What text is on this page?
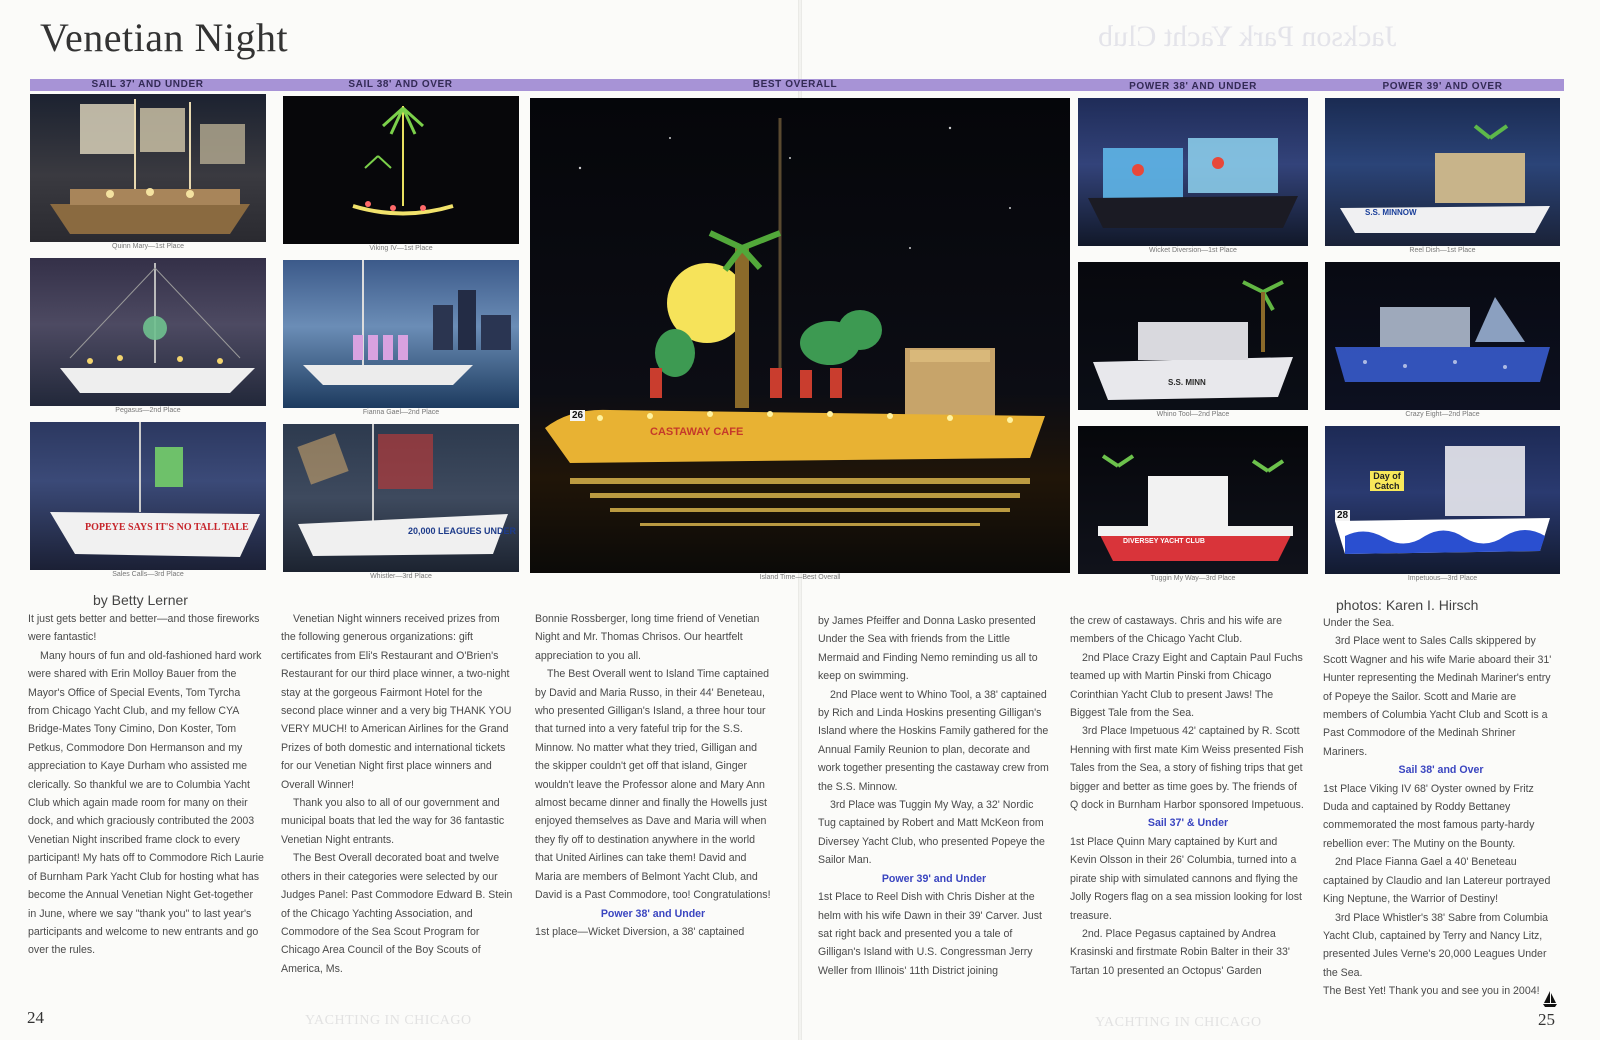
Venetian Night	Jackson Park Yacht Club
SAIL 37' AND UNDER	SAIL 38' AND OVER	BEST OVERALL	POWER 38' AND UNDER	POWER 39' AND OVER
Quinn Mary—1st Place
Pegasus—2nd Place
POPEYE SAYS IT'S NO TALL TALE
Sales Calls—3rd Place
Viking IV—1st Place
Fianna Gael—2nd Place
20,000 LEAGUES UNDER
Whistler—3rd Place
CASTAWAY CAFE
26
Island Time—Best Overall
Wicket Diversion—1st Place
S.S. MINN
Whino Tool—2nd Place
DIVERSEY YACHT CLUB
Tuggin My Way—3rd Place
S.S. MINNOW
Reel Dish—1st Place
Crazy Eight—2nd Place
Day of Catch
28
Impetuous—3rd Place
by Betty Lerner	photos: Karen I. Hirsch

It just gets better and better—and those fireworks were fantastic!

Many hours of fun and old-fashioned hard work were shared with Erin Molloy Bauer from the Mayor's Office of Special Events, Tom Tyrcha from Chicago Yacht Club, and my fellow CYA Bridge-Mates Tony Cimino, Don Koster, Tom Petkus, Commodore Don Hermanson and my appreciation to Kaye Durham who assisted me clerically. So thankful we are to Columbia Yacht Club which again made room for many on their dock, and which graciously contributed the 2003 Venetian Night inscribed frame clock to every participant! My hats off to Commodore Rich Laurie of Burnham Park Yacht Club for hosting what has become the Annual Venetian Night Get-together in June, where we say "thank you" to last year's participants and welcome to new entrants and go over the rules.

Venetian Night winners received prizes from the following generous organizations: gift certificates from Eli's Restaurant and O'Brien's Restaurant for our third place winner, a two-night stay at the gorgeous Fairmont Hotel for the second place winner and a very big THANK YOU VERY MUCH! to American Airlines for the Grand Prizes of both domestic and international tickets for our Venetian Night first place winners and Overall Winner!

Thank you also to all of our government and municipal boats that led the way for 36 fantastic Venetian Night entrants.

The Best Overall decorated boat and twelve others in their categories were selected by our Judges Panel: Past Commodore Edward B. Stein of the Chicago Yachting Association, and Commodore of the Sea Scout Program for Chicago Area Council of the Boy Scouts of America, Ms.

Bonnie Rossberger, long time friend of Venetian Night and Mr. Thomas Chrisos. Our heartfelt appreciation to you all.

The Best Overall went to Island Time captained by David and Maria Russo, in their 44' Beneteau, who presented Gilligan's Island, a three hour tour that turned into a very fateful trip for the S.S. Minnow. No matter what they tried, Gilligan and the skipper couldn't get off that island, Ginger wouldn't leave the Professor alone and Mary Ann almost became dinner and finally the Howells just enjoyed themselves as Dave and Maria will when they fly off to destination anywhere in the world that United Airlines can take them! David and Maria are members of Belmont Yacht Club, and David is a Past Commodore, too! Congratulations!

Power 38' and Under

1st place—Wicket Diversion, a 38' captained

by James Pfeiffer and Donna Lasko presented Under the Sea with friends from the Little Mermaid and Finding Nemo reminding us all to keep on swimming.

2nd Place went to Whino Tool, a 38' captained by Rich and Linda Hoskins presenting Gilligan's Island where the Hoskins Family gathered for the Annual Family Reunion to plan, decorate and work together presenting the castaway crew from the S.S. Minnow.

3rd Place was Tuggin My Way, a 32' Nordic Tug captained by Robert and Matt McKeon from Diversey Yacht Club, who presented Popeye the Sailor Man.

Power 39' and Under

1st Place to Reel Dish with Chris Disher at the helm with his wife Dawn in their 39' Carver. Just sat right back and presented you a tale of Gilligan's Island with U.S. Congressman Jerry Weller from Illinois' 11th District joining

the crew of castaways. Chris and his wife are members of the Chicago Yacht Club.

2nd Place Crazy Eight and Captain Paul Fuchs teamed up with Martin Pinski from Chicago Corinthian Yacht Club to present Jaws! The Biggest Tale from the Sea.

3rd Place Impetuous 42' captained by R. Scott Henning with first mate Kim Weiss presented Fish Tales from the Sea, a story of fishing trips that get bigger and better as time goes by. The friends of Q dock in Burnham Harbor sponsored Impetuous.

Sail 37' & Under

1st Place Quinn Mary captained by Kurt and Kevin Olsson in their 26' Columbia, turned into a pirate ship with simulated cannons and flying the Jolly Rogers flag on a sea mission looking for lost treasure.

2nd. Place Pegasus captained by Andrea Krasinski and firstmate Robin Balter in their 33' Tartan 10 presented an Octopus' Garden

Under the Sea.

3rd Place went to Sales Calls skippered by Scott Wagner and his wife Marie aboard their 31' Hunter representing the Medinah Mariner's entry of Popeye the Sailor. Scott and Marie are members of Columbia Yacht Club and Scott is a Past Commodore of the Medinah Shriner Mariners.

Sail 38' and Over

1st Place Viking IV 68' Oyster owned by Fritz Duda and captained by Roddy Bettaney commemorated the most famous party-hardy rebellion ever: The Mutiny on the Bounty.

2nd Place Fianna Gael a 40' Beneteau captained by Claudio and Ian Latereur portrayed King Neptune, the Warrior of Destiny!

3rd Place Whistler's 38' Sabre from Columbia Yacht Club, captained by Terry and Nancy Litz, presented Jules Verne's 20,000 Leagues Under the Sea.

The Best Yet! Thank you and see you in 2004!

24	25
YACHTING IN CHICAGO	YACHTING IN CHICAGO
